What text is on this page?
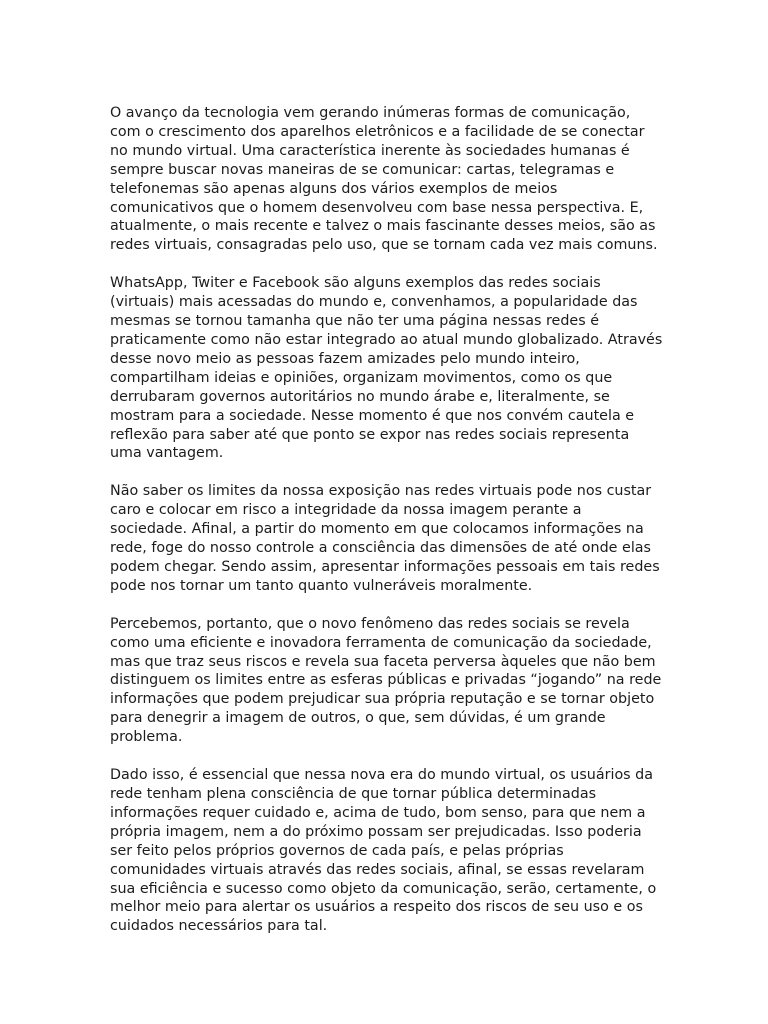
O avanço da tecnologia vem gerando inúmeras formas de comunicação,
com o crescimento dos aparelhos eletrônicos e a facilidade de se conectar
no mundo virtual. Uma característica inerente às sociedades humanas é
sempre buscar novas maneiras de se comunicar: cartas, telegramas e
telefonemas são apenas alguns dos vários exemplos de meios
comunicativos que o homem desenvolveu com base nessa perspectiva. E,
atualmente, o mais recente e talvez o mais fascinante desses meios, são as
redes virtuais, consagradas pelo uso, que se tornam cada vez mais comuns.

WhatsApp, Twiter e Facebook são alguns exemplos das redes sociais
(virtuais) mais acessadas do mundo e, convenhamos, a popularidade das
mesmas se tornou tamanha que não ter uma página nessas redes é
praticamente como não estar integrado ao atual mundo globalizado. Através
desse novo meio as pessoas fazem amizades pelo mundo inteiro,
compartilham ideias e opiniões, organizam movimentos, como os que
derrubaram governos autoritários no mundo árabe e, literalmente, se
mostram para a sociedade. Nesse momento é que nos convém cautela e
reflexão para saber até que ponto se expor nas redes sociais representa
uma vantagem.

Não saber os limites da nossa exposição nas redes virtuais pode nos custar
caro e colocar em risco a integridade da nossa imagem perante a
sociedade. Afinal, a partir do momento em que colocamos informações na
rede, foge do nosso controle a consciência das dimensões de até onde elas
podem chegar. Sendo assim, apresentar informações pessoais em tais redes
pode nos tornar um tanto quanto vulneráveis moralmente.

Percebemos, portanto, que o novo fenômeno das redes sociais se revela
como uma eficiente e inovadora ferramenta de comunicação da sociedade,
mas que traz seus riscos e revela sua faceta perversa àqueles que não bem
distinguem os limites entre as esferas públicas e privadas “jogando” na rede
informações que podem prejudicar sua própria reputação e se tornar objeto
para denegrir a imagem de outros, o que, sem dúvidas, é um grande
problema.

Dado isso, é essencial que nessa nova era do mundo virtual, os usuários da
rede tenham plena consciência de que tornar pública determinadas
informações requer cuidado e, acima de tudo, bom senso, para que nem a
própria imagem, nem a do próximo possam ser prejudicadas. Isso poderia
ser feito pelos próprios governos de cada país, e pelas próprias
comunidades virtuais através das redes sociais, afinal, se essas revelaram
sua eficiência e sucesso como objeto da comunicação, serão, certamente, o
melhor meio para alertar os usuários a respeito dos riscos de seu uso e os
cuidados necessários para tal.
